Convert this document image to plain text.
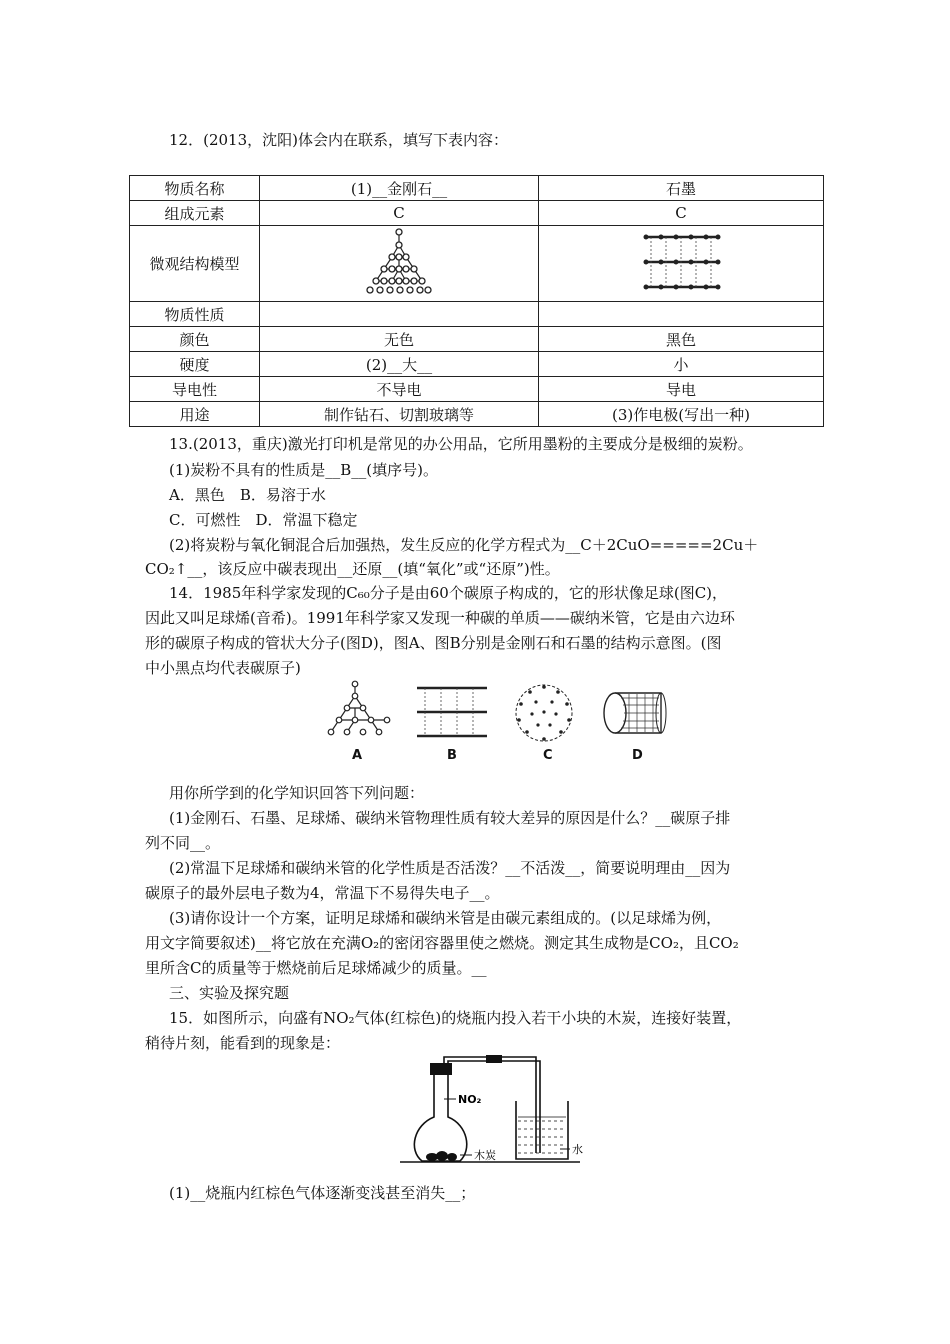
12．(2013，沈阳)体会内在联系，填写下表内容：
物质名称	(1)__金刚石__	石墨
组成元素	C	C
微观结构模型		
物质性质		
颜色	无色	黑色
硬度	(2)__大__	小
导电性	不导电	导电
用途	制作钻石、切割玻璃等	(3)作电极(写出一种)
13.(2013，重庆)激光打印机是常见的办公用品，它所用墨粉的主要成分是极细的炭粉。
(1)炭粉不具有的性质是__B__(填序号)。
A．黑色　B．易溶于水
C．可燃性　D．常温下稳定
(2)将炭粉与氧化铜混合后加强热，发生反应的化学方程式为__C＋2CuO=====2Cu＋
CO₂↑__，该反应中碳表现出__还原__(填“氧化”或“还原”)性。
14．1985年科学家发现的C₆₀分子是由60个碳原子构成的，它的形状像足球(图C)，
因此又叫足球烯(音希)。1991年科学家又发现一种碳的单质——碳纳米管，它是由六边环
形的碳原子构成的管状大分子(图D)，图A、图B分别是金刚石和石墨的结构示意图。(图
中小黑点均代表碳原子)
A	B	C	D
用你所学到的化学知识回答下列问题：
(1)金刚石、石墨、足球烯、碳纳米管物理性质有较大差异的原因是什么？__碳原子排
列不同__。
(2)常温下足球烯和碳纳米管的化学性质是否活泼？__不活泼__，简要说明理由__因为
碳原子的最外层电子数为4，常温下不易得失电子__。
(3)请你设计一个方案，证明足球烯和碳纳米管是由碳元素组成的。(以足球烯为例，
用文字简要叙述)__将它放在充满O₂的密闭容器里使之燃烧。测定其生成物是CO₂，且CO₂
里所含C的质量等于燃烧前后足球烯减少的质量。__
三、实验及探究题
15．如图所示，向盛有NO₂气体(红棕色)的烧瓶内投入若干小块的木炭，连接好装置，
稍待片刻，能看到的现象是：
NO₂
木炭	水
(1)__烧瓶内红棕色气体逐渐变浅甚至消失__；
